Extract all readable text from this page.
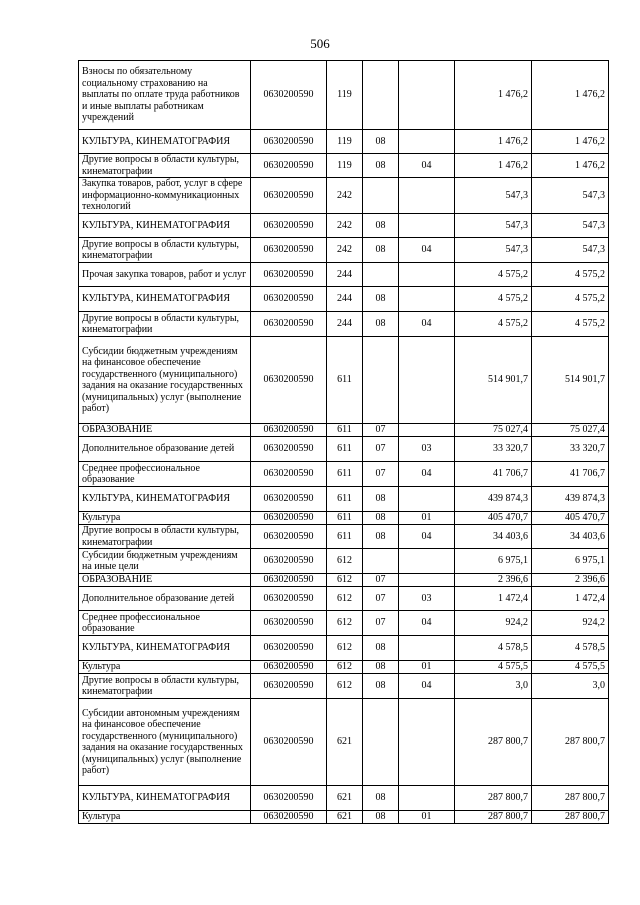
506
Взносы по обязательному социальному страхованию на выплаты по оплате труда работников и иные выплаты работникам учреждений	0630200590	119			1 476,2	1 476,2
КУЛЬТУРА, КИНЕМАТОГРАФИЯ	0630200590	119	08		1 476,2	1 476,2
Другие вопросы в области культуры, кинематографии	0630200590	119	08	04	1 476,2	1 476,2
Закупка товаров, работ, услуг в сфере информационно-коммуникационных технологий	0630200590	242			547,3	547,3
КУЛЬТУРА, КИНЕМАТОГРАФИЯ	0630200590	242	08		547,3	547,3
Другие вопросы в области культуры, кинематографии	0630200590	242	08	04	547,3	547,3
Прочая закупка товаров, работ и услуг	0630200590	244			4 575,2	4 575,2
КУЛЬТУРА, КИНЕМАТОГРАФИЯ	0630200590	244	08		4 575,2	4 575,2
Другие вопросы в области культуры, кинематографии	0630200590	244	08	04	4 575,2	4 575,2
Субсидии бюджетным учреждениям на финансовое обеспечение государственного (муниципального) задания на оказание государственных (муниципальных) услуг (выполнение работ)	0630200590	611			514 901,7	514 901,7
ОБРАЗОВАНИЕ	0630200590	611	07		75 027,4	75 027,4
Дополнительное образование детей	0630200590	611	07	03	33 320,7	33 320,7
Среднее профессиональное образование	0630200590	611	07	04	41 706,7	41 706,7
КУЛЬТУРА, КИНЕМАТОГРАФИЯ	0630200590	611	08		439 874,3	439 874,3
Культура	0630200590	611	08	01	405 470,7	405 470,7
Другие вопросы в области культуры, кинематографии	0630200590	611	08	04	34 403,6	34 403,6
Субсидии бюджетным учреждениям на иные цели	0630200590	612			6 975,1	6 975,1
ОБРАЗОВАНИЕ	0630200590	612	07		2 396,6	2 396,6
Дополнительное образование детей	0630200590	612	07	03	1 472,4	1 472,4
Среднее профессиональное образование	0630200590	612	07	04	924,2	924,2
КУЛЬТУРА, КИНЕМАТОГРАФИЯ	0630200590	612	08		4 578,5	4 578,5
Культура	0630200590	612	08	01	4 575,5	4 575,5
Другие вопросы в области культуры, кинематографии	0630200590	612	08	04	3,0	3,0
Субсидии автономным учреждениям на финансовое обеспечение государственного (муниципального) задания на оказание государственных (муниципальных) услуг (выполнение работ)	0630200590	621			287 800,7	287 800,7
КУЛЬТУРА, КИНЕМАТОГРАФИЯ	0630200590	621	08		287 800,7	287 800,7
Культура	0630200590	621	08	01	287 800,7	287 800,7
